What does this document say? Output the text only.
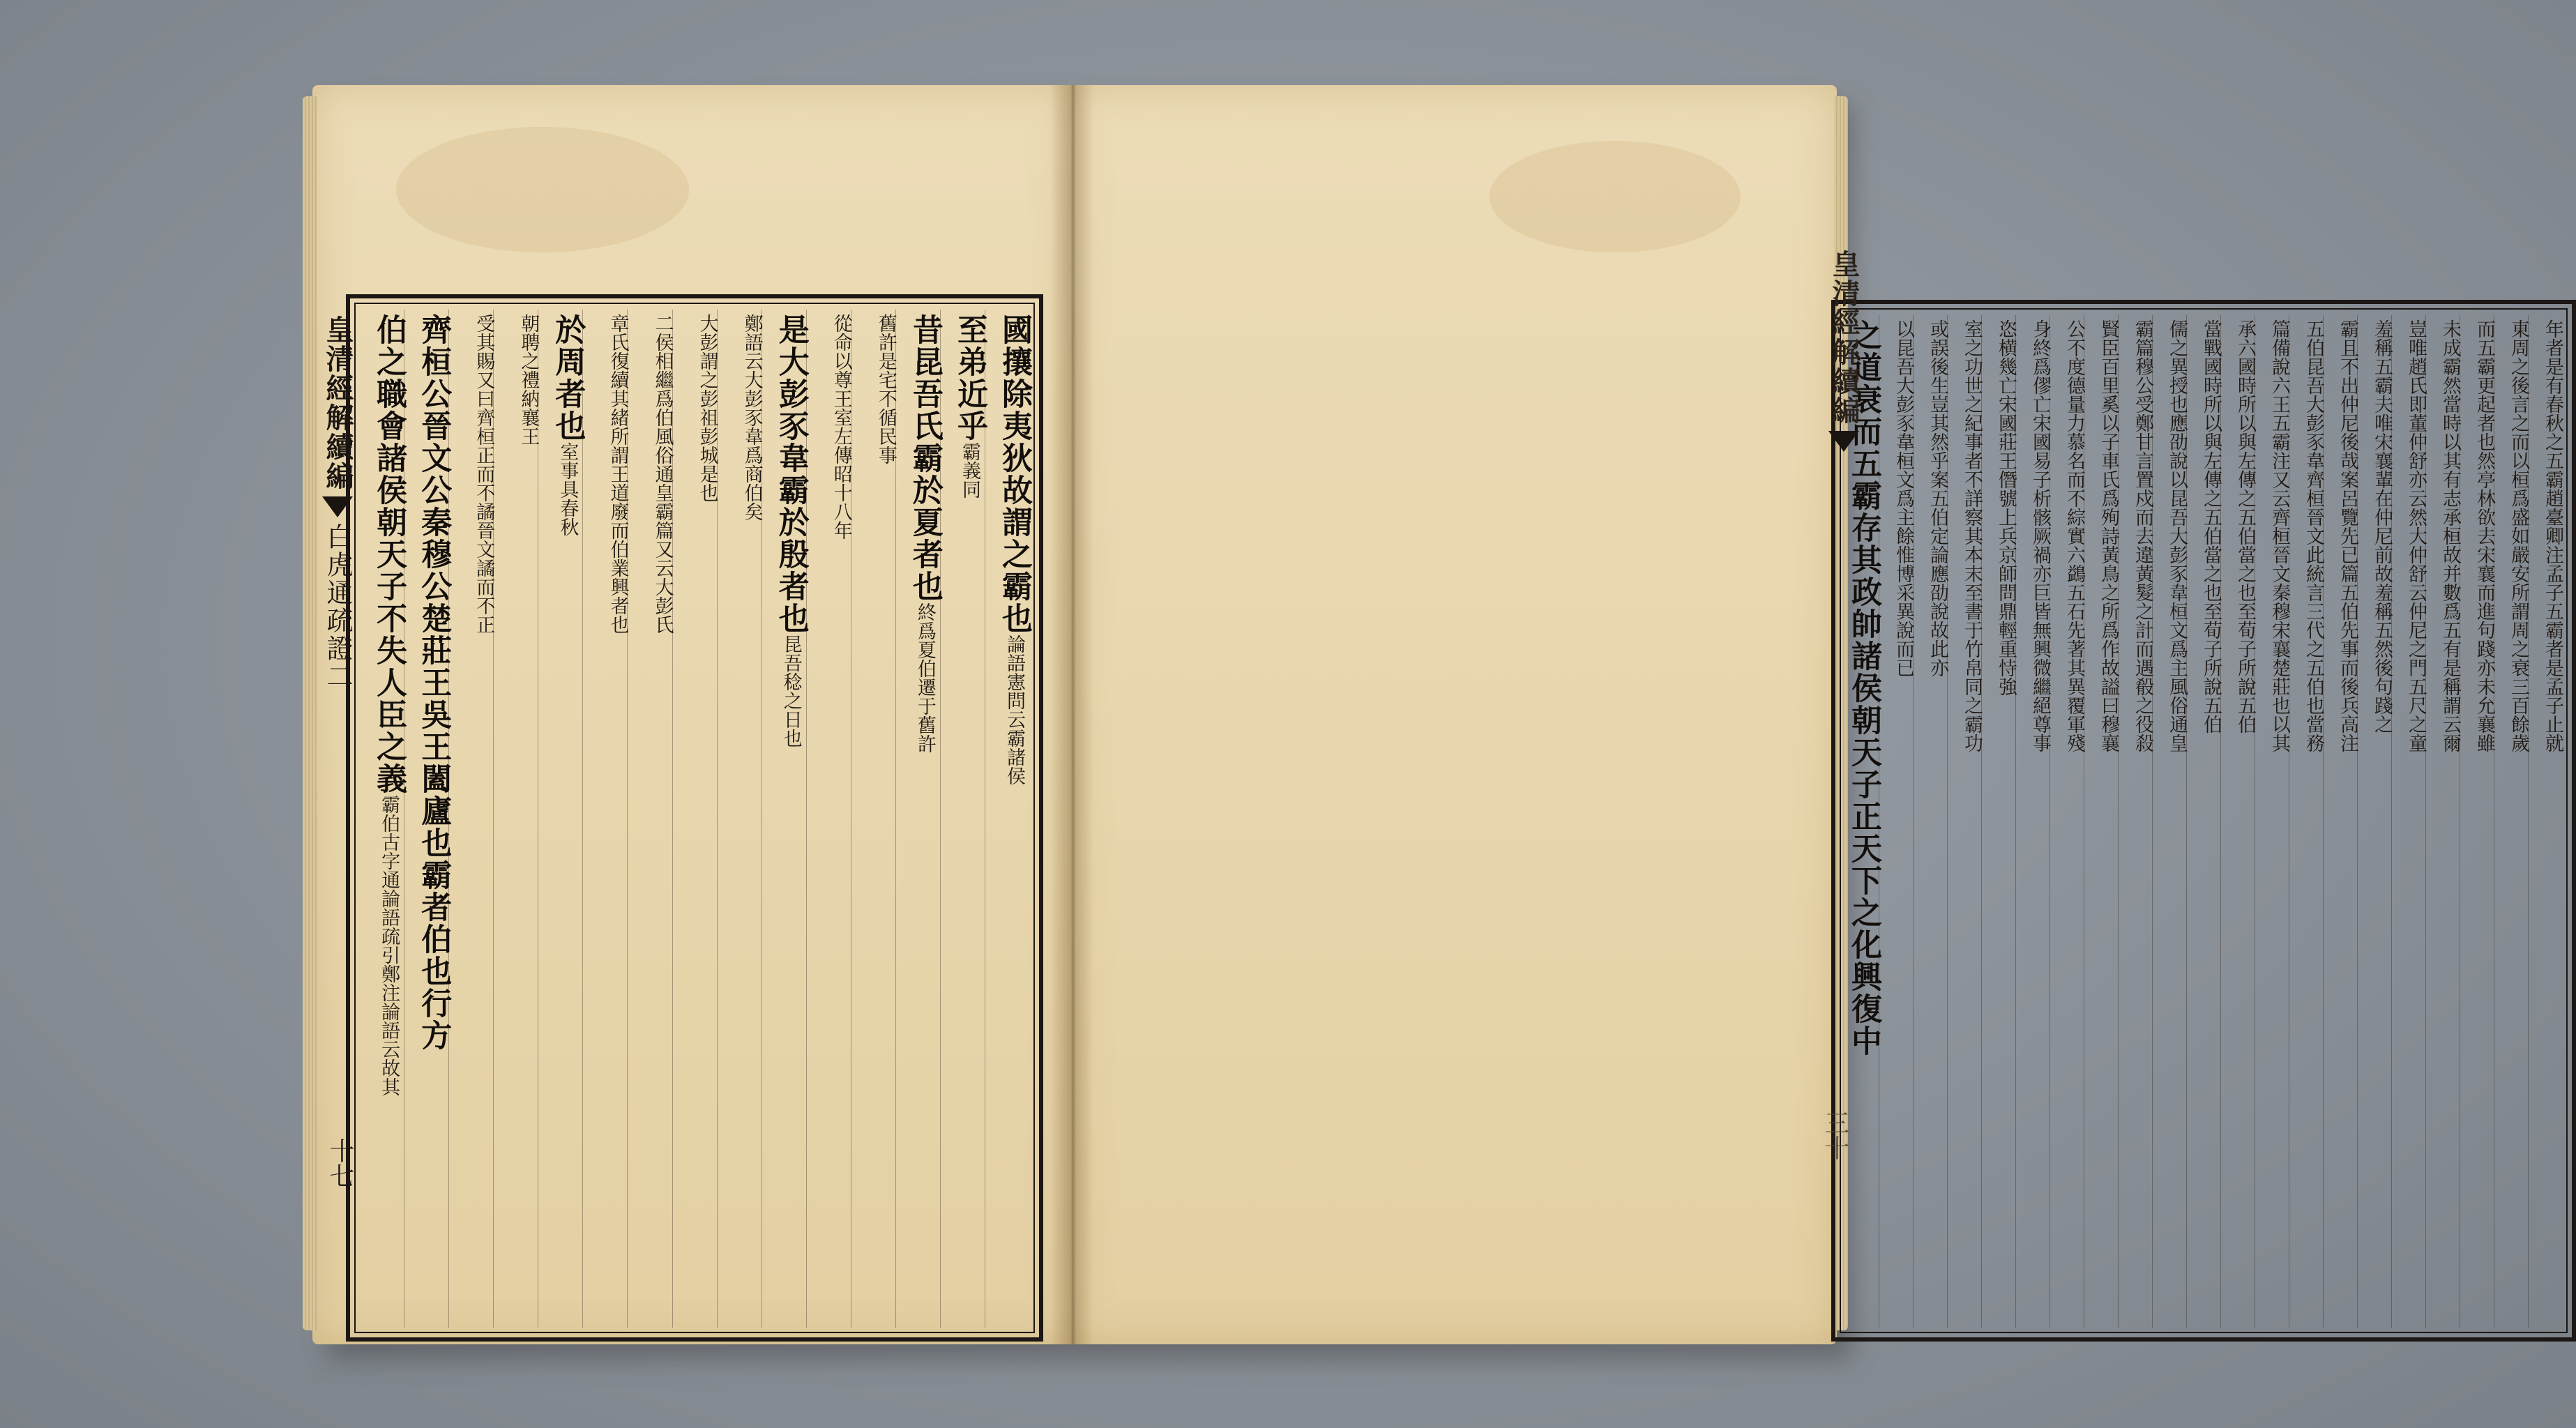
國攘除夷狄故謂之霸也論語憲問云霸諸侯
至弟近乎霸義同
昔昆吾氏霸於夏者也終爲夏伯遷于舊許
舊許是宅不循民事
從命以尊王室左傳昭十八年
是大彭豕韋霸於殷者也昆吾稔之日也
鄭語云大彭豕韋爲商伯矣
大彭謂之彭祖彭城是也
二侯相繼爲伯風俗通皇霸篇又云大彭氏
章氏復續其緒所謂王道廢而伯業興者也
於周者也室事具春秋
朝聘之禮納襄王
受其賜又曰齊桓正而不譎晉文譎而不正
齊桓公晉文公秦穆公楚莊王吳王闔廬也霸者伯也行方
伯之職會諸侯朝天子不失人臣之義霸伯古字通論語疏引鄭注論語云故其
皇清經解續編白虎通疏證二
十七
年者是有春秋之五霸趙臺卿注孟子五霸者是孟子止就
東周之後言之而以桓爲盛如嚴安所謂周之衰三百餘歲
而五霸更起者也然亭林欲去宋襄而進句踐亦未允襄雖
未成霸然當時以其有志承桓故并數爲五有是稱謂云爾
豈唯趙氏即董仲舒亦云然大仲舒云仲尼之門五尺之童
羞稱五霸夫唯宋襄輩在仲尼前故羞稱五然後句踐之
霸且不出仲尼後哉案呂覽先已篇五伯先事而後兵高注
五伯昆吾大彭豕韋齊桓晉文此統言三代之五伯也當務
篇備說六王五霸注又云齊桓晉文秦穆宋襄楚莊也以其
承六國時所以與左傳之五伯當之也至荀子所說五伯
當戰國時所以與左傳之五伯當之也至荀子所說五伯
儒之異授也應劭說以昆吾大彭豕韋桓文爲主風俗通皇
霸篇穆公受鄭甘言置戍而去違黃髮之計而遇殽之役殺
賢臣百里奚以子車氏爲殉詩黃鳥之所爲作故謚曰穆襄
公不度德量力慕名而不綜實六鷁五石先著其異覆軍殘
身終爲僇亡宋國易子析骸厥禍亦巨皆無興微繼絕尊事
恣横幾亡宋國莊王僭號上兵京師問鼎輕重恃強
室之功世之紀事者不詳察其本末至書于竹帛同之霸功
或誤後生豈其然乎案五伯定論應劭說故此亦
以昆吾大彭豕韋桓文爲主餘惟博采異說而已
之道衰而五霸存其政帥諸侯朝天子正天下之化興復中
皇清經解續編
三十
